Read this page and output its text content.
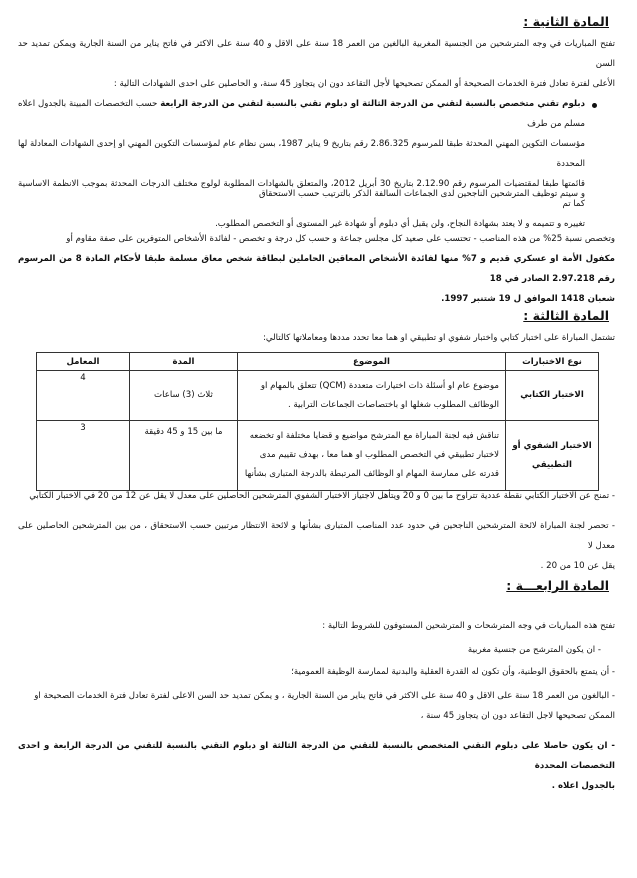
المادة الثانية :
تفتح المباريات في وجه المترشحين من الجنسية المغربية البالغين من العمر 18 سنة على الاقل و 40 سنة على الاكثر في فاتح يناير من السنة الجارية ويمكن تمديد حد السن
الأعلى لفترة تعادل فترة الخدمات الصحيحة أو الممكن تصحيحها لأجل التقاعد دون ان يتجاوز 45 سنة، و الحاصلين على احدى الشهادات التالية :
دبلوم تقني متخصص بالنسبة لتقني من الدرجة الثالثة او دبلوم تقني بالنسبة لتقني من الدرجة الرابعة حسب التخصصات المبينة بالجدول اعلاه مسلم من طرف
مؤسسات التكوين المهني المحدثة طبقا للمرسوم 2.86.325 رقم بتاريخ 9 يناير 1987، بسن نظام عام لمؤسسات التكوين المهني او إحدى الشهادات المعادلة لها المحددة
قائمتها طبقا لمقتضيات المرسوم رقم 2.12.90 بتاريخ 30 أبريل 2012، والمتعلق بالشهادات المطلوبة لولوج مختلف الدرجات المحدثة بموجب الانظمة الاساسية كما تم
تغييره و تتميمه و لا يعتد بشهادة النجاح، ولن يقبل أي دبلوم أو شهادة غير المستوى أو التخصص المطلوب.
و سيتم توظيف المترشحين الناجحين لدى الجماعات السالفة الذكر بالترتيب حسب الاستحقاق
وتخصص نسبة 25% من هذه المناصب - تحتسب على صعيد كل مجلس جماعة و حسب كل درجة و تخصص - لفائدة الأشخاص المتوفرين على صفة مقاوم أو
مكفول الأمة او عسكري قديم و 7% منها لفائدة الأشخاص المعاقين الحاملين لبطاقة شخص معاق مسلمة طبقا لأحكام المادة 8 من المرسوم رقم 2.97.218 الصادر في 18
شعبان 1418 الموافق ل 19 شتنبر 1997.
المادة الثالثة :
تشتمل المباراة على اختبار كتابي واختبار شفوي او تطبيقي او هما معا تحدد مددها ومعاملاتها كالتالي:
نوع الاختبارات	الموضوع	المدة	المعامل
الاختبار الكتابي	موضوع عام او أسئلة ذات اختيارات متعددة (QCM) تتعلق بالمهام او الوظائف المطلوب شغلها او باختصاصات الجماعات الترابية .	ثلاث (3) ساعات	4
الاختبار الشفوي أو التطبيقي	تناقش فيه لجنة المباراة مع المترشح مواضيع و قضايا مختلفة او تخضعه لاختبار تطبيقي في التخصص المطلوب او هما معا ، بهدف تقييم مدى قدرته على ممارسة المهام او الوظائف المرتبطة بالدرجة المتبارى بشأنها	ما بين 15 و 45 دقيقة	3
- تمنح عن الاختبار الكتابي نقطة عددية تتراوح ما بين 0 و 20 ويتأهل لاجتياز الاختبار الشفوي المترشحين الحاصلين على معدل لا يقل عن 12 من 20 في الاختبار الكتابي
- تحصر لجنة المباراة لائحة المترشحين الناجحين في حدود عدد المناصب المتبارى بشأنها و لائحة الانتظار مرتبين حسب الاستحقاق ، من بين المترشحين الحاصلين على معدل لا
يقل عن 10 من 20 .
المادة الرابعـــة :
تفتح هذه المباريات في وجه المترشحات و المترشحين المستوفون للشروط التالية :
- ان يكون المترشح من جنسية مغربية
- أن يتمتع بالحقوق الوطنية، وأن تكون له القدرة العقلية والبدنية لممارسة الوظيفة العمومية؛
- البالغون من العمر 18 سنة على الاقل و 40 سنة على الاكثر في فاتح يناير من السنة الجارية ، و يمكن تمديد حد السن الاعلى لفترة تعادل فترة الخدمات الصحيحة او
الممكن تصحيحها لاجل التقاعد دون ان يتجاوز 45 سنة ،
- ان يكون حاصلا على دبلوم التقني المتخصص بالنسبة للتقني من الدرجة الثالثة او دبلوم التقني بالنسبة للتقني من الدرجة الرابعة و احدى التخصصات المحددة
بالجدول اعلاه .
